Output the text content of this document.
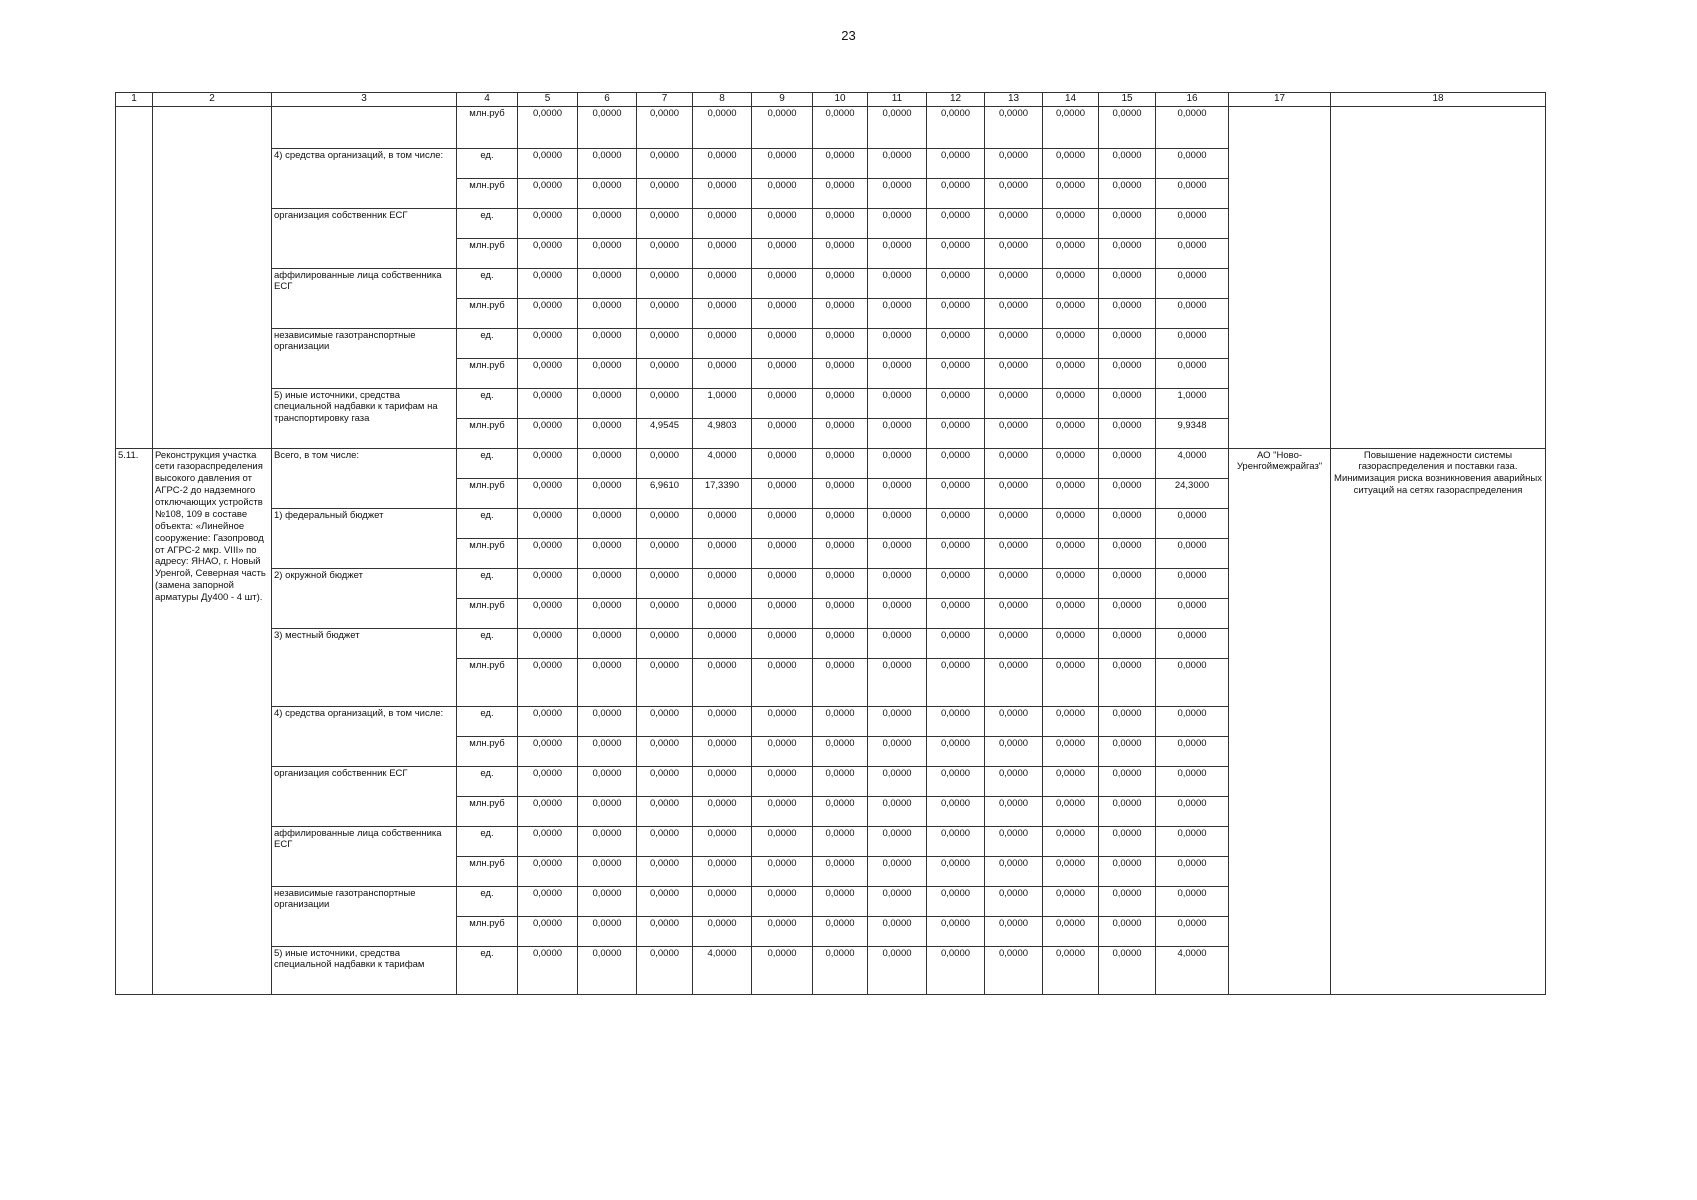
23
1	2	3	4	5	6	7	8	9	10	11	12	13	14	15	16	17	18
			млн.руб	0,0000	0,0000	0,0000	0,0000	0,0000	0,0000	0,0000	0,0000	0,0000	0,0000	0,0000	0,0000		
		4) средства организаций, в том числе:	ед.	0,0000	0,0000	0,0000	0,0000	0,0000	0,0000	0,0000	0,0000	0,0000	0,0000	0,0000	0,0000		
			млн.руб	0,0000	0,0000	0,0000	0,0000	0,0000	0,0000	0,0000	0,0000	0,0000	0,0000	0,0000	0,0000		
		организация собственник ЕСГ	ед.	0,0000	0,0000	0,0000	0,0000	0,0000	0,0000	0,0000	0,0000	0,0000	0,0000	0,0000	0,0000		
			млн.руб	0,0000	0,0000	0,0000	0,0000	0,0000	0,0000	0,0000	0,0000	0,0000	0,0000	0,0000	0,0000		
		аффилированные лица собственника ЕСГ	ед.	0,0000	0,0000	0,0000	0,0000	0,0000	0,0000	0,0000	0,0000	0,0000	0,0000	0,0000	0,0000		
			млн.руб	0,0000	0,0000	0,0000	0,0000	0,0000	0,0000	0,0000	0,0000	0,0000	0,0000	0,0000	0,0000		
		независимые газотранспортные организации	ед.	0,0000	0,0000	0,0000	0,0000	0,0000	0,0000	0,0000	0,0000	0,0000	0,0000	0,0000	0,0000		
			млн.руб	0,0000	0,0000	0,0000	0,0000	0,0000	0,0000	0,0000	0,0000	0,0000	0,0000	0,0000	0,0000		
		5) иные источники, средства специальной надбавки к тарифам на транспортировку газа	ед.	0,0000	0,0000	0,0000	1,0000	0,0000	0,0000	0,0000	0,0000	0,0000	0,0000	0,0000	1,0000		
			млн.руб	0,0000	0,0000	4,9545	4,9803	0,0000	0,0000	0,0000	0,0000	0,0000	0,0000	0,0000	9,9348		
5.11.	Реконструкция участка сети газораспределения высокого давления от АГРС-2 до надземного отключающих устройств №108, 109 в составе объекта: «Линейное сооружение: Газопровод от АГРС-2 мкр. VIII» по адресу: ЯНАО, г. Новый Уренгой, Северная часть (замена запорной арматуры Ду400 - 4 шт).	Всего, в том числе:	ед.	0,0000	0,0000	0,0000	4,0000	0,0000	0,0000	0,0000	0,0000	0,0000	0,0000	0,0000	4,0000	АО "Ново-Уренгоймежрайгаз"	Повышение надежности системы газораспределения и поставки газа. Минимизация риска возникновения аварийных ситуаций на сетях газораспределения
			млн.руб	0,0000	0,0000	6,9610	17,3390	0,0000	0,0000	0,0000	0,0000	0,0000	0,0000	0,0000	24,3000		
		1) федеральный бюджет	ед.	0,0000	0,0000	0,0000	0,0000	0,0000	0,0000	0,0000	0,0000	0,0000	0,0000	0,0000	0,0000		
			млн.руб	0,0000	0,0000	0,0000	0,0000	0,0000	0,0000	0,0000	0,0000	0,0000	0,0000	0,0000	0,0000		
		2) окружной бюджет	ед.	0,0000	0,0000	0,0000	0,0000	0,0000	0,0000	0,0000	0,0000	0,0000	0,0000	0,0000	0,0000		
			млн.руб	0,0000	0,0000	0,0000	0,0000	0,0000	0,0000	0,0000	0,0000	0,0000	0,0000	0,0000	0,0000		
		3) местный бюджет	ед.	0,0000	0,0000	0,0000	0,0000	0,0000	0,0000	0,0000	0,0000	0,0000	0,0000	0,0000	0,0000		
			млн.руб	0,0000	0,0000	0,0000	0,0000	0,0000	0,0000	0,0000	0,0000	0,0000	0,0000	0,0000	0,0000		
		4) средства организаций, в том числе:	ед.	0,0000	0,0000	0,0000	0,0000	0,0000	0,0000	0,0000	0,0000	0,0000	0,0000	0,0000	0,0000		
			млн.руб	0,0000	0,0000	0,0000	0,0000	0,0000	0,0000	0,0000	0,0000	0,0000	0,0000	0,0000	0,0000		
		организация собственник ЕСГ	ед.	0,0000	0,0000	0,0000	0,0000	0,0000	0,0000	0,0000	0,0000	0,0000	0,0000	0,0000	0,0000		
			млн.руб	0,0000	0,0000	0,0000	0,0000	0,0000	0,0000	0,0000	0,0000	0,0000	0,0000	0,0000	0,0000		
		аффилированные лица собственника ЕСГ	ед.	0,0000	0,0000	0,0000	0,0000	0,0000	0,0000	0,0000	0,0000	0,0000	0,0000	0,0000	0,0000		
			млн.руб	0,0000	0,0000	0,0000	0,0000	0,0000	0,0000	0,0000	0,0000	0,0000	0,0000	0,0000	0,0000		
		независимые газотранспортные организации	ед.	0,0000	0,0000	0,0000	0,0000	0,0000	0,0000	0,0000	0,0000	0,0000	0,0000	0,0000	0,0000		
			млн.руб	0,0000	0,0000	0,0000	0,0000	0,0000	0,0000	0,0000	0,0000	0,0000	0,0000	0,0000	0,0000		
		5) иные источники, средства специальной надбавки к тарифам	ед.	0,0000	0,0000	0,0000	4,0000	0,0000	0,0000	0,0000	0,0000	0,0000	0,0000	0,0000	4,0000		
